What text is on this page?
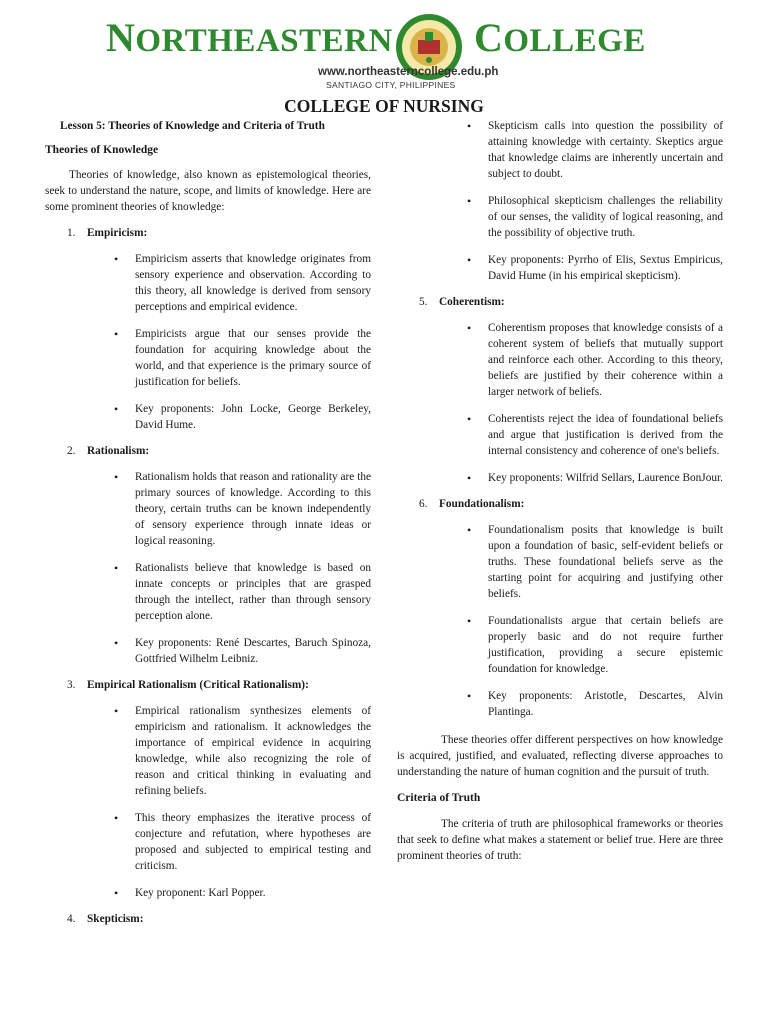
NORTHEASTERN COLLEGE
www.northeasterncollege.edu.ph
SANTIAGO CITY, PHILIPPINES
COLLEGE OF NURSING
Lesson 5: Theories of Knowledge and Criteria of Truth
Theories of Knowledge

Theories of knowledge, also known as epistemological theories, seek to understand the nature, scope, and limits of knowledge. Here are some prominent theories of knowledge:

1.	Empiricism:
• Empiricism asserts that knowledge originates from sensory experience and observation. According to this theory, all knowledge is derived from sensory perceptions and empirical evidence.
• Empiricists argue that our senses provide the foundation for acquiring knowledge about the world, and that experience is the primary source of justification for beliefs.
• Key proponents: John Locke, George Berkeley, David Hume.
2.	Rationalism:
• Rationalism holds that reason and rationality are the primary sources of knowledge. According to this theory, certain truths can be known independently of sensory experience through innate ideas or logical reasoning.
• Rationalists believe that knowledge is based on innate concepts or principles that are grasped through the intellect, rather than through sensory perception alone.
• Key proponents: René Descartes, Baruch Spinoza, Gottfried Wilhelm Leibniz.
3.	Empirical Rationalism (Critical Rationalism):
• Empirical rationalism synthesizes elements of empiricism and rationalism. It acknowledges the importance of empirical evidence in acquiring knowledge, while also recognizing the role of reason and critical thinking in evaluating and refining beliefs.
• This theory emphasizes the iterative process of conjecture and refutation, where hypotheses are proposed and subjected to empirical testing and criticism.
• Key proponent: Karl Popper.
4.	Skepticism:
• Skepticism calls into question the possibility of attaining knowledge with certainty. Skeptics argue that knowledge claims are inherently uncertain and subject to doubt.
• Philosophical skepticism challenges the reliability of our senses, the validity of logical reasoning, and the possibility of objective truth.
• Key proponents: Pyrrho of Elis, Sextus Empiricus, David Hume (in his empirical skepticism).
5.	Coherentism:
• Coherentism proposes that knowledge consists of a coherent system of beliefs that mutually support and reinforce each other. According to this theory, beliefs are justified by their coherence within a larger network of beliefs.
• Coherentists reject the idea of foundational beliefs and argue that justification is derived from the internal consistency and coherence of one's beliefs.
• Key proponents: Wilfrid Sellars, Laurence BonJour.
6.	Foundationalism:
• Foundationalism posits that knowledge is built upon a foundation of basic, self-evident beliefs or truths. These foundational beliefs serve as the starting point for acquiring and justifying other beliefs.
• Foundationalists argue that certain beliefs are properly basic and do not require further justification, providing a secure epistemic foundation for knowledge.
• Key proponents: Aristotle, Descartes, Alvin Plantinga.

These theories offer different perspectives on how knowledge is acquired, justified, and evaluated, reflecting diverse approaches to understanding the nature of human cognition and the pursuit of truth.

Criteria of Truth

The criteria of truth are philosophical frameworks or theories that seek to define what makes a statement or belief true. Here are three prominent theories of truth:
